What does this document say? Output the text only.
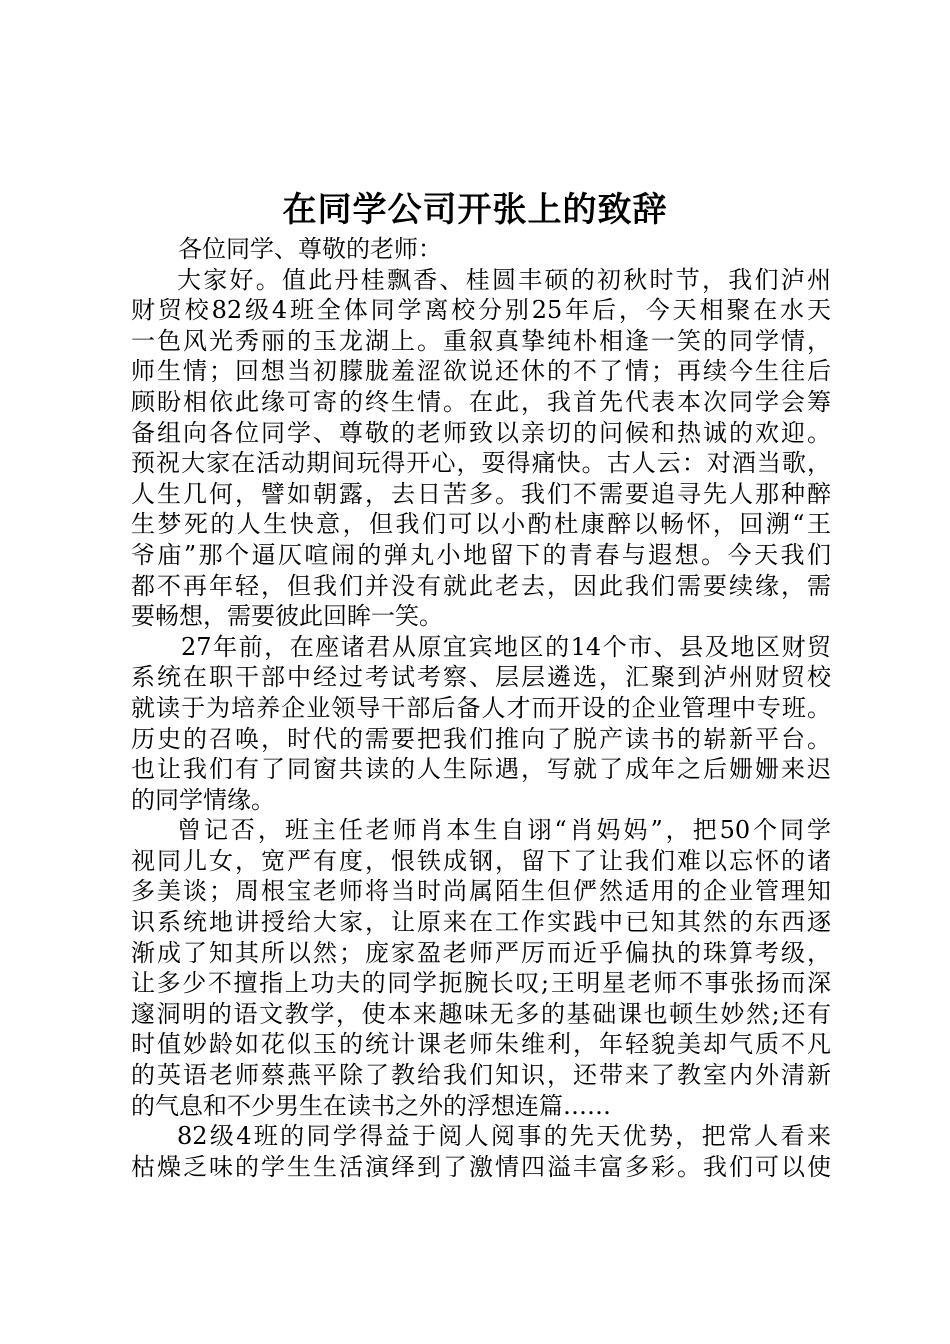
在同学公司开张上的致辞
各位同学、尊敬的老师：
大家好。值此丹桂飘香、桂圆丰硕的初秋时节，我们泸州
财贸校82级4班全体同学离校分别25年后，今天相聚在水天
一色风光秀丽的玉龙湖上。重叙真挚纯朴相逢一笑的同学情，
师生情；回想当初朦胧羞涩欲说还休的不了情；再续今生往后
顾盼相依此缘可寄的终生情。在此，我首先代表本次同学会筹
备组向各位同学、尊敬的老师致以亲切的问候和热诚的欢迎。
预祝大家在活动期间玩得开心，耍得痛快。古人云：对酒当歌，
人生几何，譬如朝露，去日苦多。我们不需要追寻先人那种醉
生梦死的人生快意，但我们可以小酌杜康醉以畅怀，回溯“王
爷庙”那个逼仄喧闹的弹丸小地留下的青春与遐想。今天我们
都不再年轻，但我们并没有就此老去，因此我们需要续缘，需
要畅想，需要彼此回眸一笑。
27年前，在座诸君从原宜宾地区的14个市、县及地区财贸
系统在职干部中经过考试考察、层层遴选，汇聚到泸州财贸校
就读于为培养企业领导干部后备人才而开设的企业管理中专班。
历史的召唤，时代的需要把我们推向了脱产读书的崭新平台。
也让我们有了同窗共读的人生际遇，写就了成年之后姗姗来迟
的同学情缘。
曾记否，班主任老师肖本生自诩“肖妈妈”，把50个同学
视同儿女，宽严有度，恨铁成钢，留下了让我们难以忘怀的诸
多美谈；周根宝老师将当时尚属陌生但俨然适用的企业管理知
识系统地讲授给大家，让原来在工作实践中已知其然的东西逐
渐成了知其所以然；庞家盈老师严厉而近乎偏执的珠算考级，
让多少不擅指上功夫的同学扼腕长叹;王明星老师不事张扬而深
邃洞明的语文教学，使本来趣味无多的基础课也顿生妙然;还有
时值妙龄如花似玉的统计课老师朱维利，年轻貌美却气质不凡
的英语老师蔡燕平除了教给我们知识，还带来了教室内外清新
的气息和不少男生在读书之外的浮想连篇……
82级4班的同学得益于阅人阅事的先天优势，把常人看来
枯燥乏味的学生生活演绎到了激情四溢丰富多彩。我们可以使
